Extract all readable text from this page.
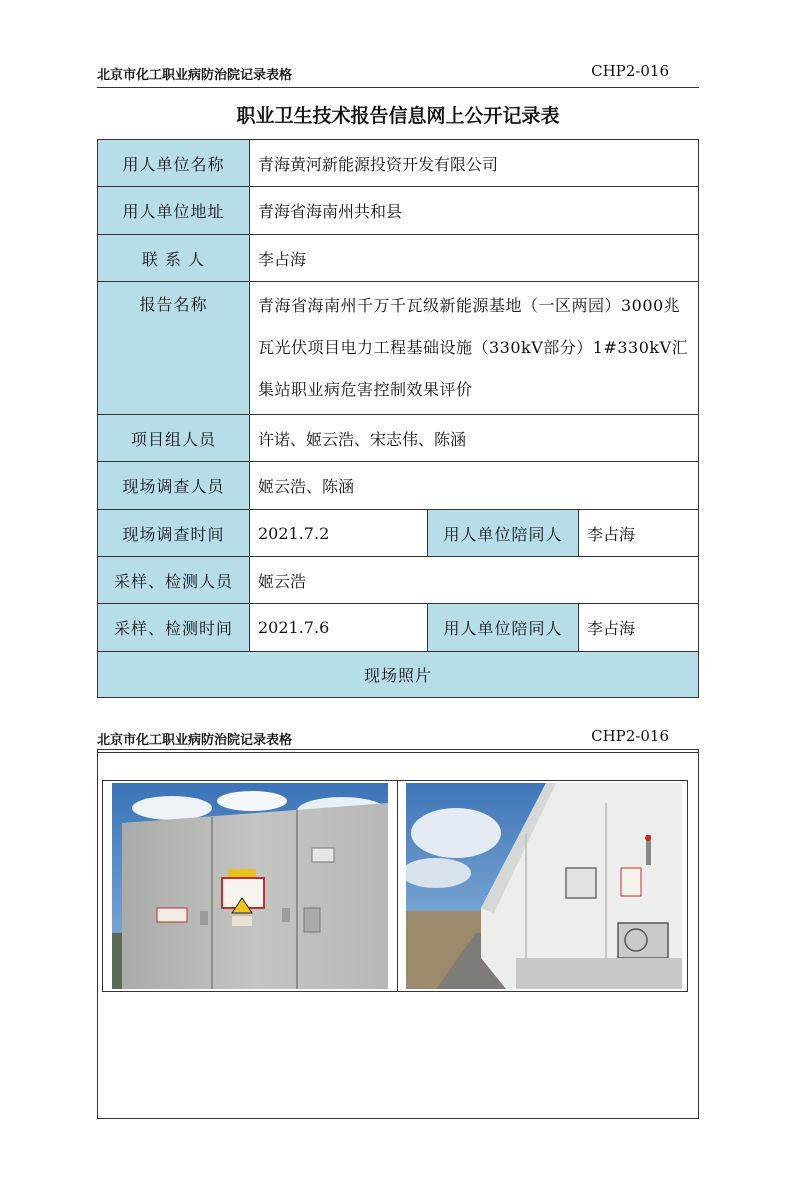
北京市化工职业病防治院记录表格	CHP2-016
职业卫生技术报告信息网上公开记录表
用人单位名称	青海黄河新能源投资开发有限公司		
用人单位地址	青海省海南州共和县		
联 系 人	李占海		
报告名称	青海省海南州千万千瓦级新能源基地（一区两园）3000兆瓦光伏项目电力工程基础设施（330kV部分）1#330kV汇集站职业病危害控制效果评价		
项目组人员	许诺、姬云浩、宋志伟、陈涵		
现场调查人员	姬云浩、陈涵		
现场调查时间	2021.7.2	用人单位陪同人	李占海
采样、检测人员	姬云浩		
采样、检测时间	2021.7.6	用人单位陪同人	李占海
现场照片			
北京市化工职业病防治院记录表格	CHP2-016
